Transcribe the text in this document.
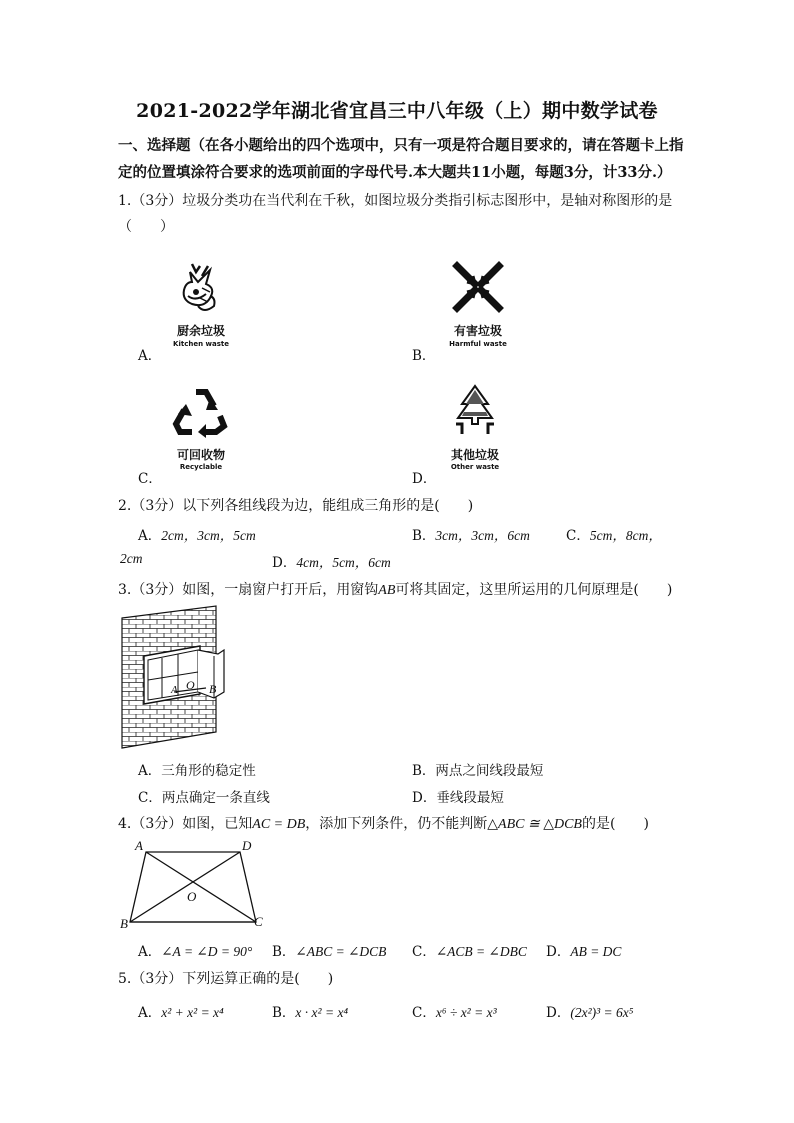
2021-2022学年湖北省宜昌三中八年级（上）期中数学试卷
一、选择题（在各小题给出的四个选项中，只有一项是符合题目要求的，请在答题卡上指
定的位置填涂符合要求的选项前面的字母代号.本大题共11小题，每题3分，计33分.）
1.（3分）垃圾分类功在当代利在千秋，如图垃圾分类指引标志图形中，是轴对称图形的是
（　　）
厨余垃圾
Kitchen waste
A．
有害垃圾
Harmful waste
B．
可回收物
Recyclable
C．
其他垃圾
Other waste
D．
2.（3分）以下列各组线段为边，能组成三角形的是(　　)
A．2cm，3cm，5cm	B．3cm，3cm，6cm	C．5cm，8cm，
2cm	D．4cm，5cm，6cm
3.（3分）如图，一扇窗户打开后，用窗钩AB可将其固定，这里所运用的几何原理是(　　)
A O B
A．三角形的稳定性	B．两点之间线段最短
C．两点确定一条直线	D．垂线段最短
4.（3分）如图，已知AC = DB，添加下列条件，仍不能判断△ABC ≅ △DCB的是(　　)
A	D
O
B	C
A．∠A = ∠D = 90° B．∠ABC = ∠DCB C．∠ACB = ∠DBC D．AB = DC
5.（3分）下列运算正确的是(　　)
A．x² + x² = x⁴	B．x · x² = x⁴	C．x⁶ ÷ x² = x³	D．(2x²)³ = 6x⁵
